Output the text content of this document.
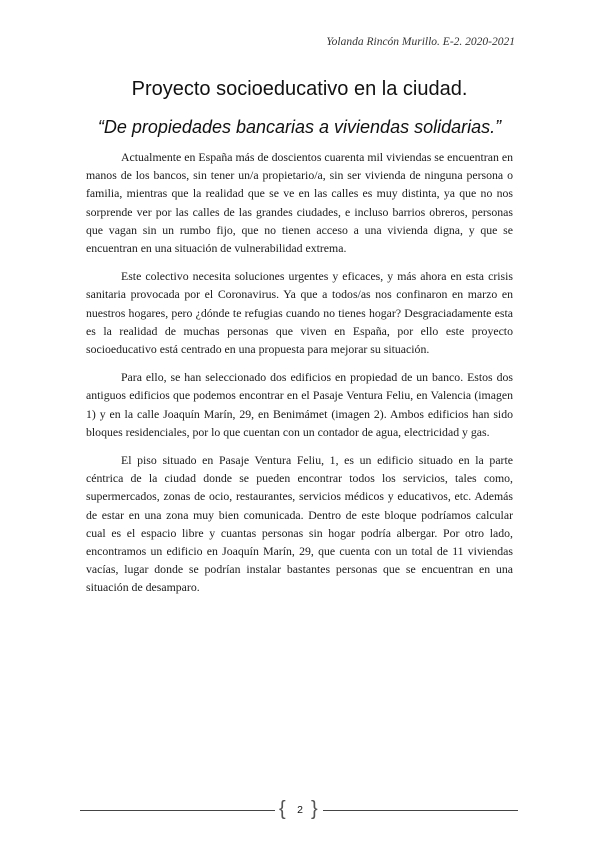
Yolanda Rincón Murillo. E-2. 2020-2021
Proyecto socioeducativo en la ciudad.
“De propiedades bancarias a viviendas solidarias.”

Actualmente en España más de doscientos cuarenta mil viviendas se encuentran en manos de los bancos, sin tener un/a propietario/a, sin ser vivienda de ninguna persona o familia, mientras que la realidad que se ve en las calles es muy distinta, ya que no nos sorprende ver por las calles de las grandes ciudades, e incluso barrios obreros, personas que vagan sin un rumbo fijo, que no tienen acceso a una vivienda digna, y que se encuentran en una situación de vulnerabilidad extrema.

Este colectivo necesita soluciones urgentes y eficaces, y más ahora en esta crisis sanitaria provocada por el Coronavirus. Ya que a todos/as nos confinaron en marzo en nuestros hogares, pero ¿dónde te refugias cuando no tienes hogar? Desgraciadamente esta es la realidad de muchas personas que viven en España, por ello este proyecto socioeducativo está centrado en una propuesta para mejorar su situación.

Para ello, se han seleccionado dos edificios en propiedad de un banco. Estos dos antiguos edificios que podemos encontrar en el Pasaje Ventura Feliu, en Valencia (imagen 1) y en la calle Joaquín Marín, 29, en Benimámet (imagen 2). Ambos edificios han sido bloques residenciales, por lo que cuentan con un contador de agua, electricidad y gas.

El piso situado en Pasaje Ventura Feliu, 1, es un edificio situado en la parte céntrica de la ciudad donde se pueden encontrar todos los servicios, tales como, supermercados, zonas de ocio, restaurantes, servicios médicos y educativos, etc. Además de estar en una zona muy bien comunicada. Dentro de este bloque podríamos calcular cual es el espacio libre y cuantas personas sin hogar podría albergar. Por otro lado, encontramos un edificio en Joaquín Marín, 29, que cuenta con un total de 11 viviendas vacías, lugar donde se podrían instalar bastantes personas que se encuentran en una situación de desamparo.

{	2 }
